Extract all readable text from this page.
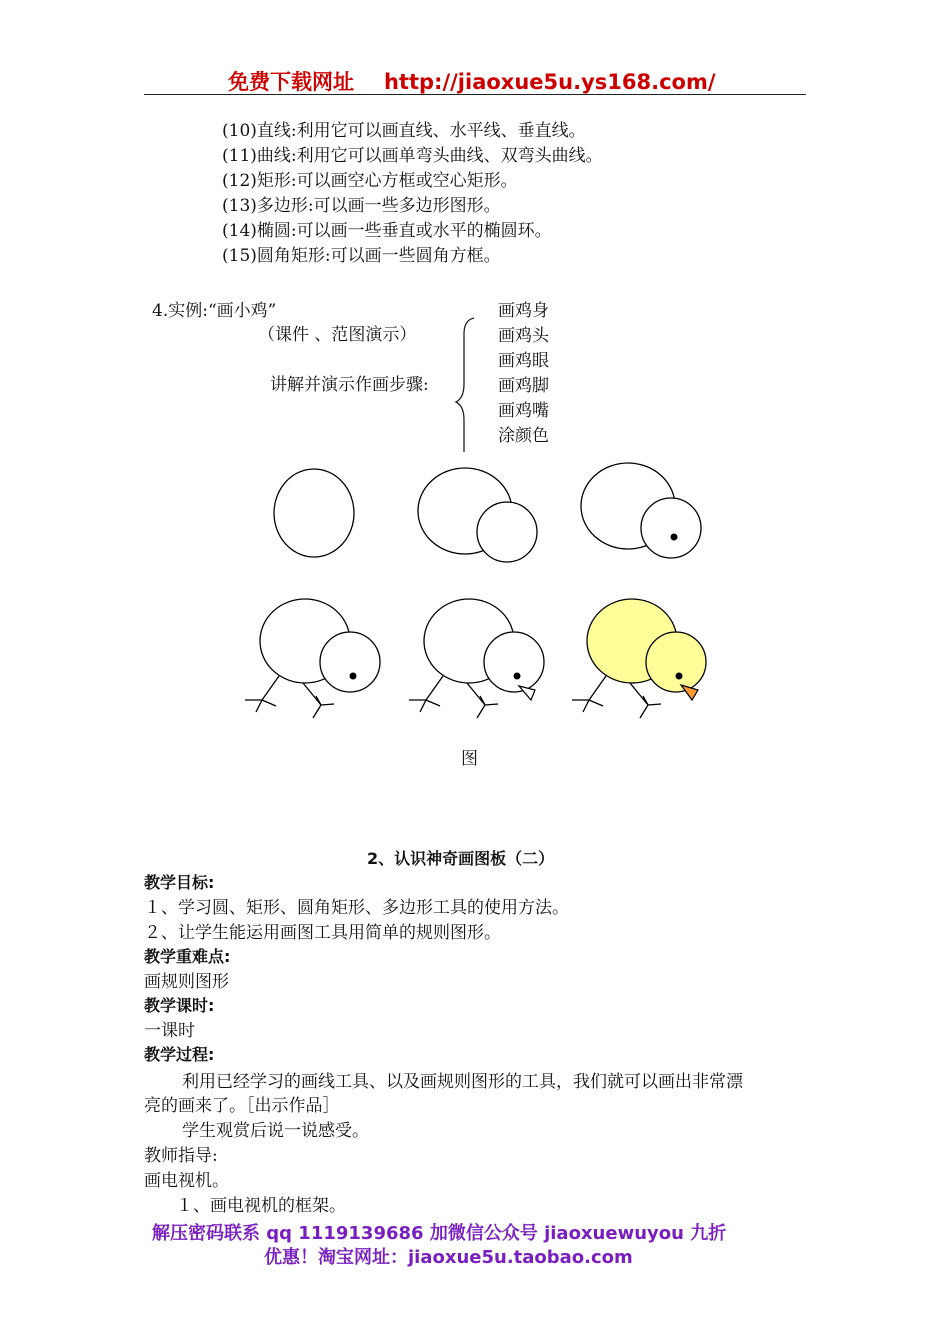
免费下载网址 http://jiaoxue5u.ys168.com/
(10)直线:利用它可以画直线、水平线、垂直线。
(11)曲线:利用它可以画单弯头曲线、双弯头曲线。
(12)矩形:可以画空心方框或空心矩形。
(13)多边形:可以画一些多边形图形。
(14)椭圆:可以画一些垂直或水平的椭圆环。
(15)圆角矩形:可以画一些圆角方框。
4.实例:“画小鸡”
（课件 、范图演示）
讲解并演示作画步骤:
画鸡身
画鸡头
画鸡眼
画鸡脚
画鸡嘴
涂颜色
图
2、认识神奇画图板（二）
教学目标:
１、学习圆、矩形、圆角矩形、多边形工具的使用方法。
２、让学生能运用画图工具用简单的规则图形。
教学重难点:
画规则图形
教学课时:
一课时
教学过程:
利用已经学习的画线工具、以及画规则图形的工具，我们就可以画出非常漂
亮的画来了。［出示作品］
学生观赏后说一说感受。
教师指导:
画电视机。
１、画电视机的框架。
解压密码联系 qq 1119139686 加微信公众号 jiaoxuewuyou 九折
优惠！淘宝网址：jiaoxue5u.taobao.com
